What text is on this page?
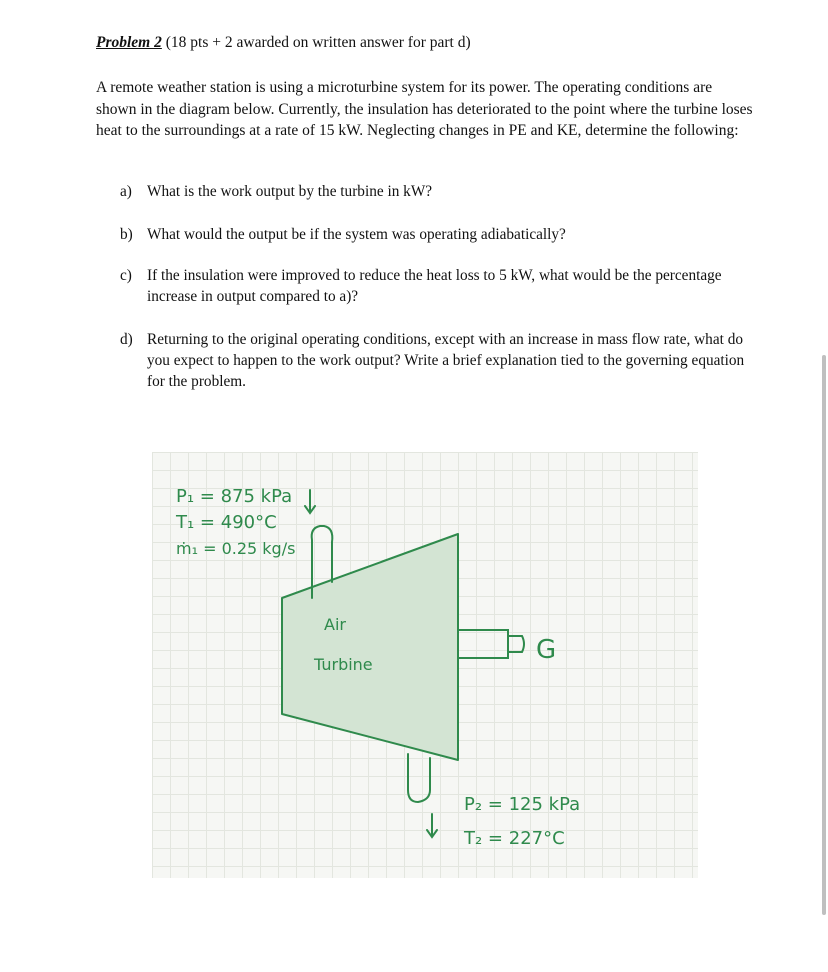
Problem 2 (18 pts + 2 awarded on written answer for part d)
A remote weather station is using a microturbine system for its power. The operating conditions are shown in the diagram below. Currently, the insulation has deteriorated to the point where the turbine loses heat to the surroundings at a rate of 15 kW. Neglecting changes in PE and KE, determine the following:
a) What is the work output by the turbine in kW?
b) What would the output be if the system was operating adiabatically?
c) If the insulation were improved to reduce the heat loss to 5 kW, what would be the percentage increase in output compared to a)?
d) Returning to the original operating conditions, except with an increase in mass flow rate, what do you expect to happen to the work output? Write a brief explanation tied to the governing equation for the problem.
P₁ = 875 kPa
T₁ = 490°C
ṁ₁ = 0.25 kg/s
Air
Turbine	G
P₂ = 125 kPa
T₂ = 227°C
